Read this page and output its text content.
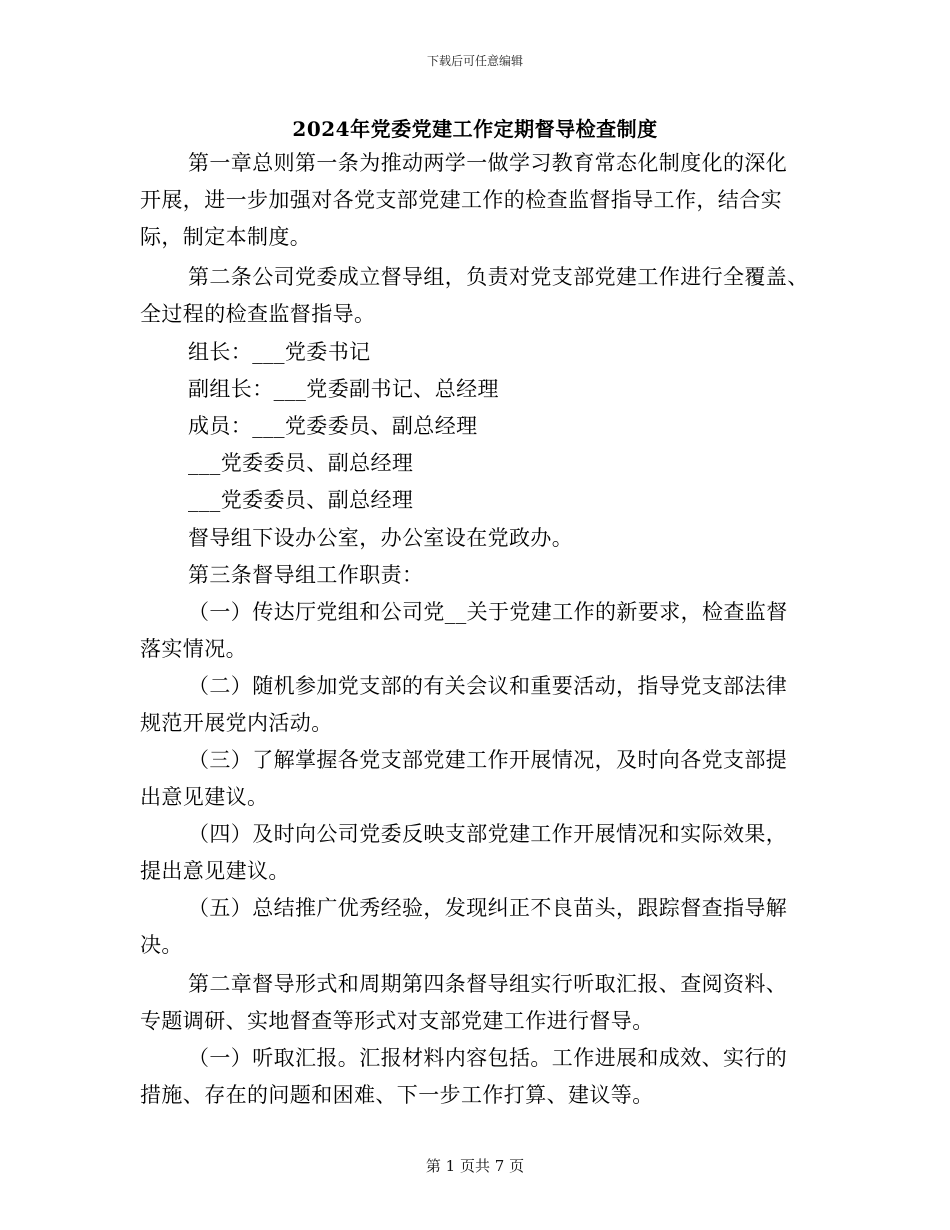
下载后可任意编辑
2024年党委党建工作定期督导检查制度
第一章总则第一条为推动两学一做学习教育常态化制度化的深化
开展，进一步加强对各党支部党建工作的检查监督指导工作，结合实
际，制定本制度。
第二条公司党委成立督导组，负责对党支部党建工作进行全覆盖、
全过程的检查监督指导。
组长：___党委书记
副组长：___党委副书记、总经理
成员：___党委委员、副总经理
___党委委员、副总经理
___党委委员、副总经理
督导组下设办公室，办公室设在党政办。
第三条督导组工作职责：
（一）传达厅党组和公司党__关于党建工作的新要求，检查监督
落实情况。
（二）随机参加党支部的有关会议和重要活动，指导党支部法律
规范开展党内活动。
（三）了解掌握各党支部党建工作开展情况，及时向各党支部提
出意见建议。
（四）及时向公司党委反映支部党建工作开展情况和实际效果，
提出意见建议。
（五）总结推广优秀经验，发现纠正不良苗头，跟踪督查指导解
决。
第二章督导形式和周期第四条督导组实行听取汇报、查阅资料、
专题调研、实地督查等形式对支部党建工作进行督导。
（一）听取汇报。汇报材料内容包括。工作进展和成效、实行的
措施、存在的问题和困难、下一步工作打算、建议等。
第 1 页共 7 页
